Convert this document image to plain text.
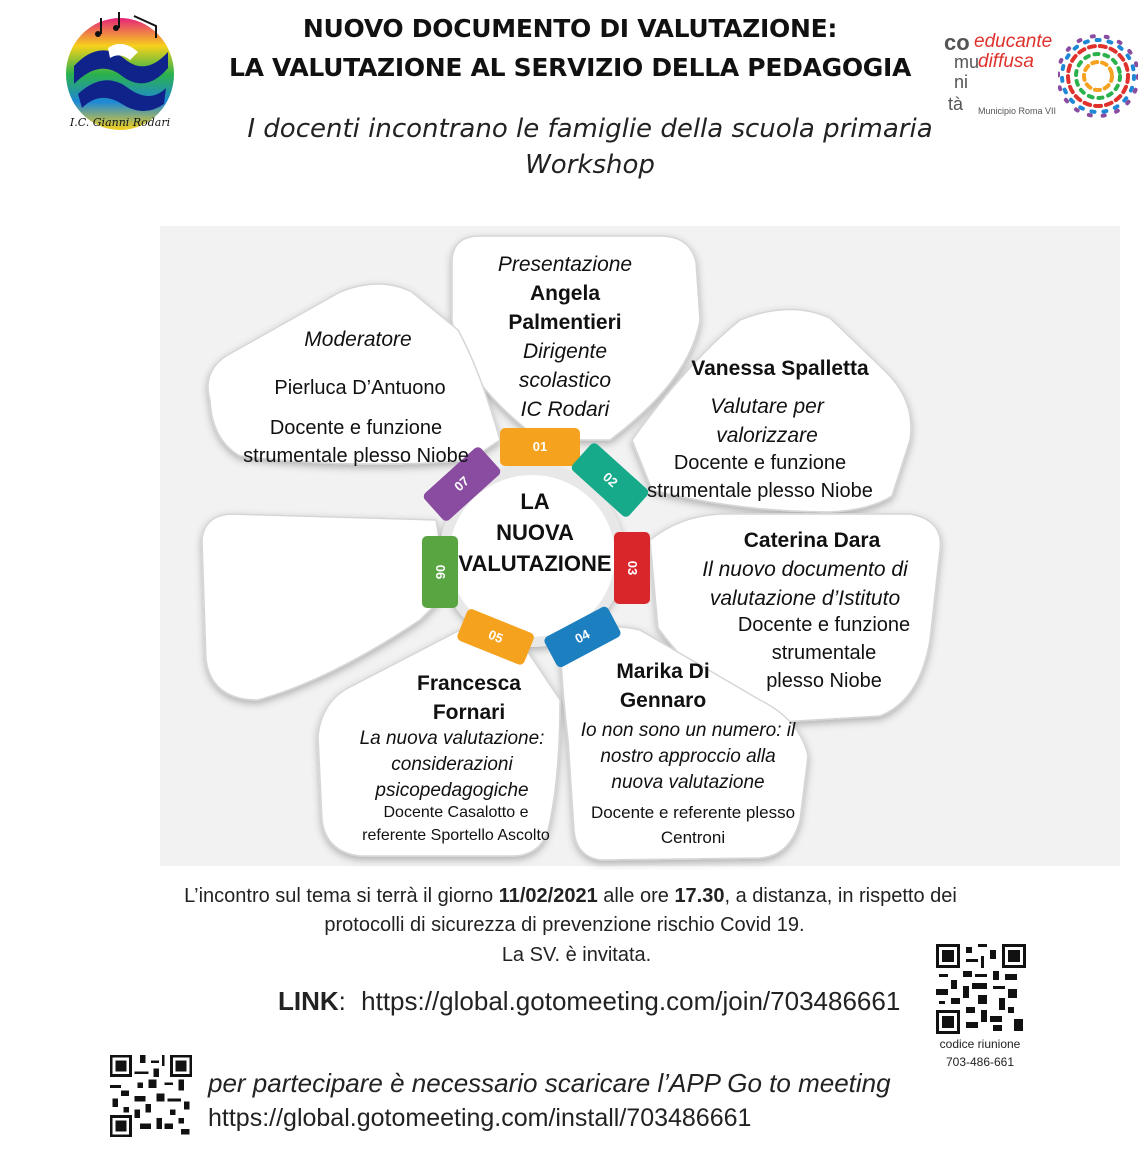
NUOVO DOCUMENTO DI VALUTAZIONE:
LA VALUTAZIONE AL SERVIZIO DELLA PEDAGOGIA
I docenti incontrano le famiglie della scuola primaria
Workshop
I.C. Gianni Rodari
co
mu
ni
tà
educante
diffusa
Municipio Roma VII
01
02
03
04
05
06
07
LA
NUOVA
VALUTAZIONE
Presentazione
Angela
Palmentieri
Dirigente
scolastico
IC Rodari
Moderatore
Pierluca D’Antuono
Docente e funzione
strumentale plesso Niobe
Vanessa Spalletta
Valutare per
valorizzare
Docente e funzione
strumentale plesso Niobe
Caterina Dara
Il nuovo documento di
valutazione d’Istituto
Docente e funzione
strumentale
plesso Niobe
Marika Di
Gennaro
Io non sono un numero: il
nostro approccio alla
nuova valutazione
Docente e referente plesso
Centroni
Francesca
Fornari
La nuova valutazione:
considerazioni
psicopedagogiche
Docente Casalotto e
referente Sportello Ascolto
L’incontro sul tema si terrà il giorno 11/02/2021 alle ore 17.30, a distanza, in rispetto dei
protocolli di sicurezza di prevenzione rischio Covid 19.
La SV. è invitata.
LINK: https://global.gotomeeting.com/join/703486661
codice riunione
703-486-661
per partecipare è necessario scaricare l’APP Go to meeting
https://global.gotomeeting.com/install/703486661
